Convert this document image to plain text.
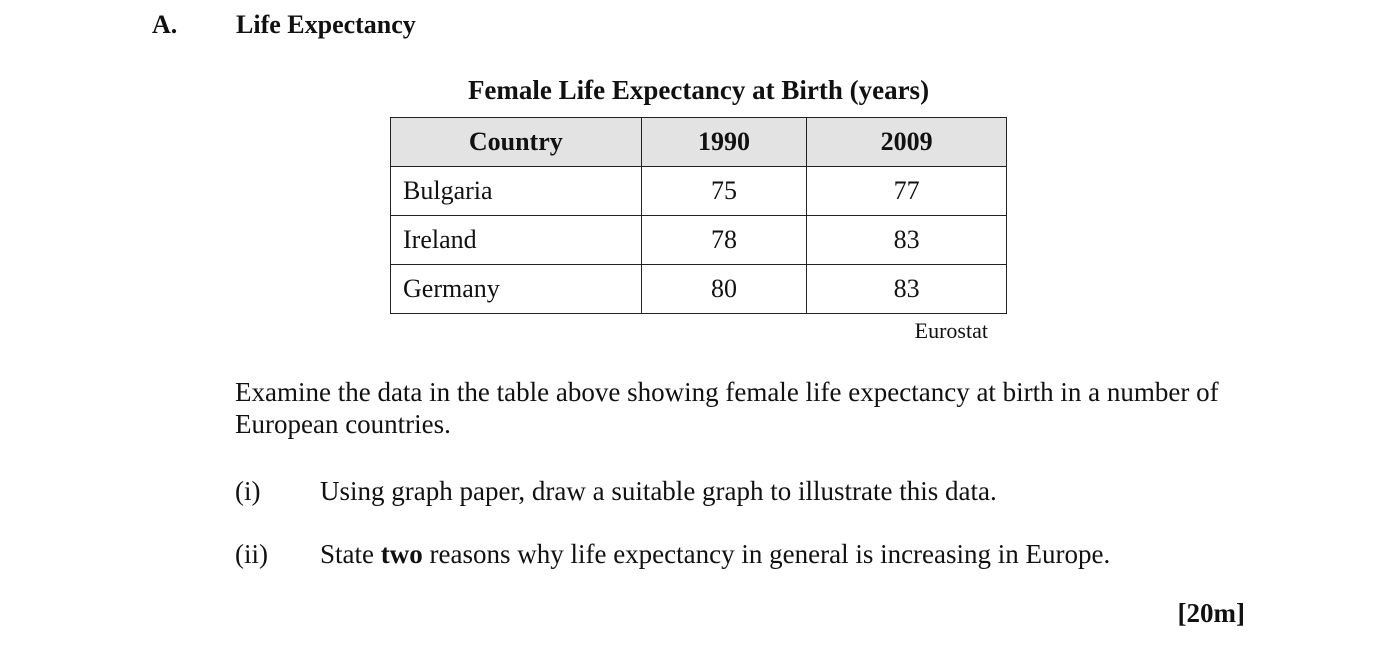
A. Life Expectancy
Female Life Expectancy at Birth (years)
Country	1990	2009
Bulgaria	75	77
Ireland	78	83
Germany	80	83
Eurostat
Examine the data in the table above showing female life expectancy at birth in a number of European countries.
(i) Using graph paper, draw a suitable graph to illustrate this data.
(ii) State two reasons why life expectancy in general is increasing in Europe.
[20m]
